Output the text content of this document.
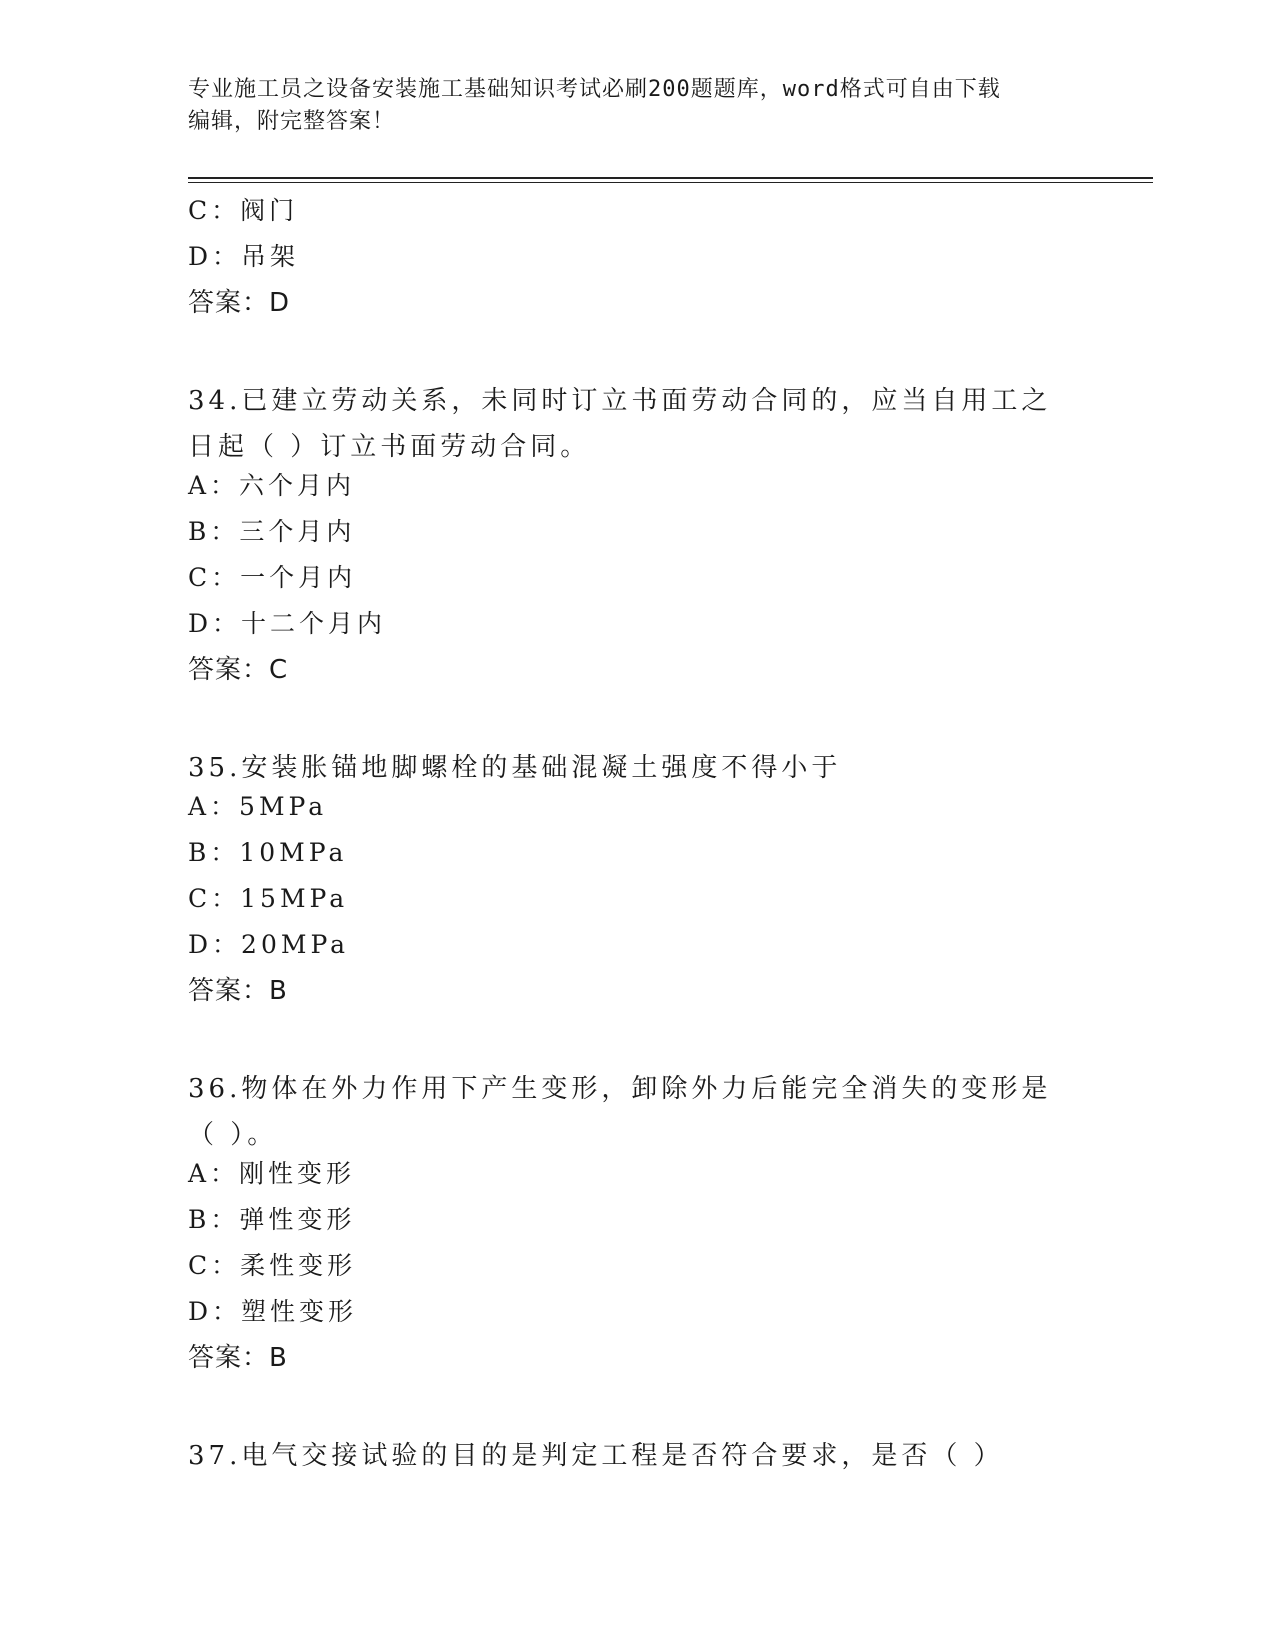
专业施工员之设备安装施工基础知识考试必刷200题题库，word格式可自由下载
编辑，附完整答案！
C：阀门
D：吊架
答案：D
34.已建立劳动关系，未同时订立书面劳动合同的，应当自用工之日起（ ）订立书面劳动合同。
A：六个月内
B：三个月内
C：一个月内
D：十二个月内
答案：C
35.安装胀锚地脚螺栓的基础混凝土强度不得小于
A：5MPa
B：10MPa
C：15MPa
D：20MPa
答案：B
36.物体在外力作用下产生变形，卸除外力后能完全消失的变形是（ ）。
A：刚性变形
B：弹性变形
C：柔性变形
D：塑性变形
答案：B
37.电气交接试验的目的是判定工程是否符合要求，是否（ ）
